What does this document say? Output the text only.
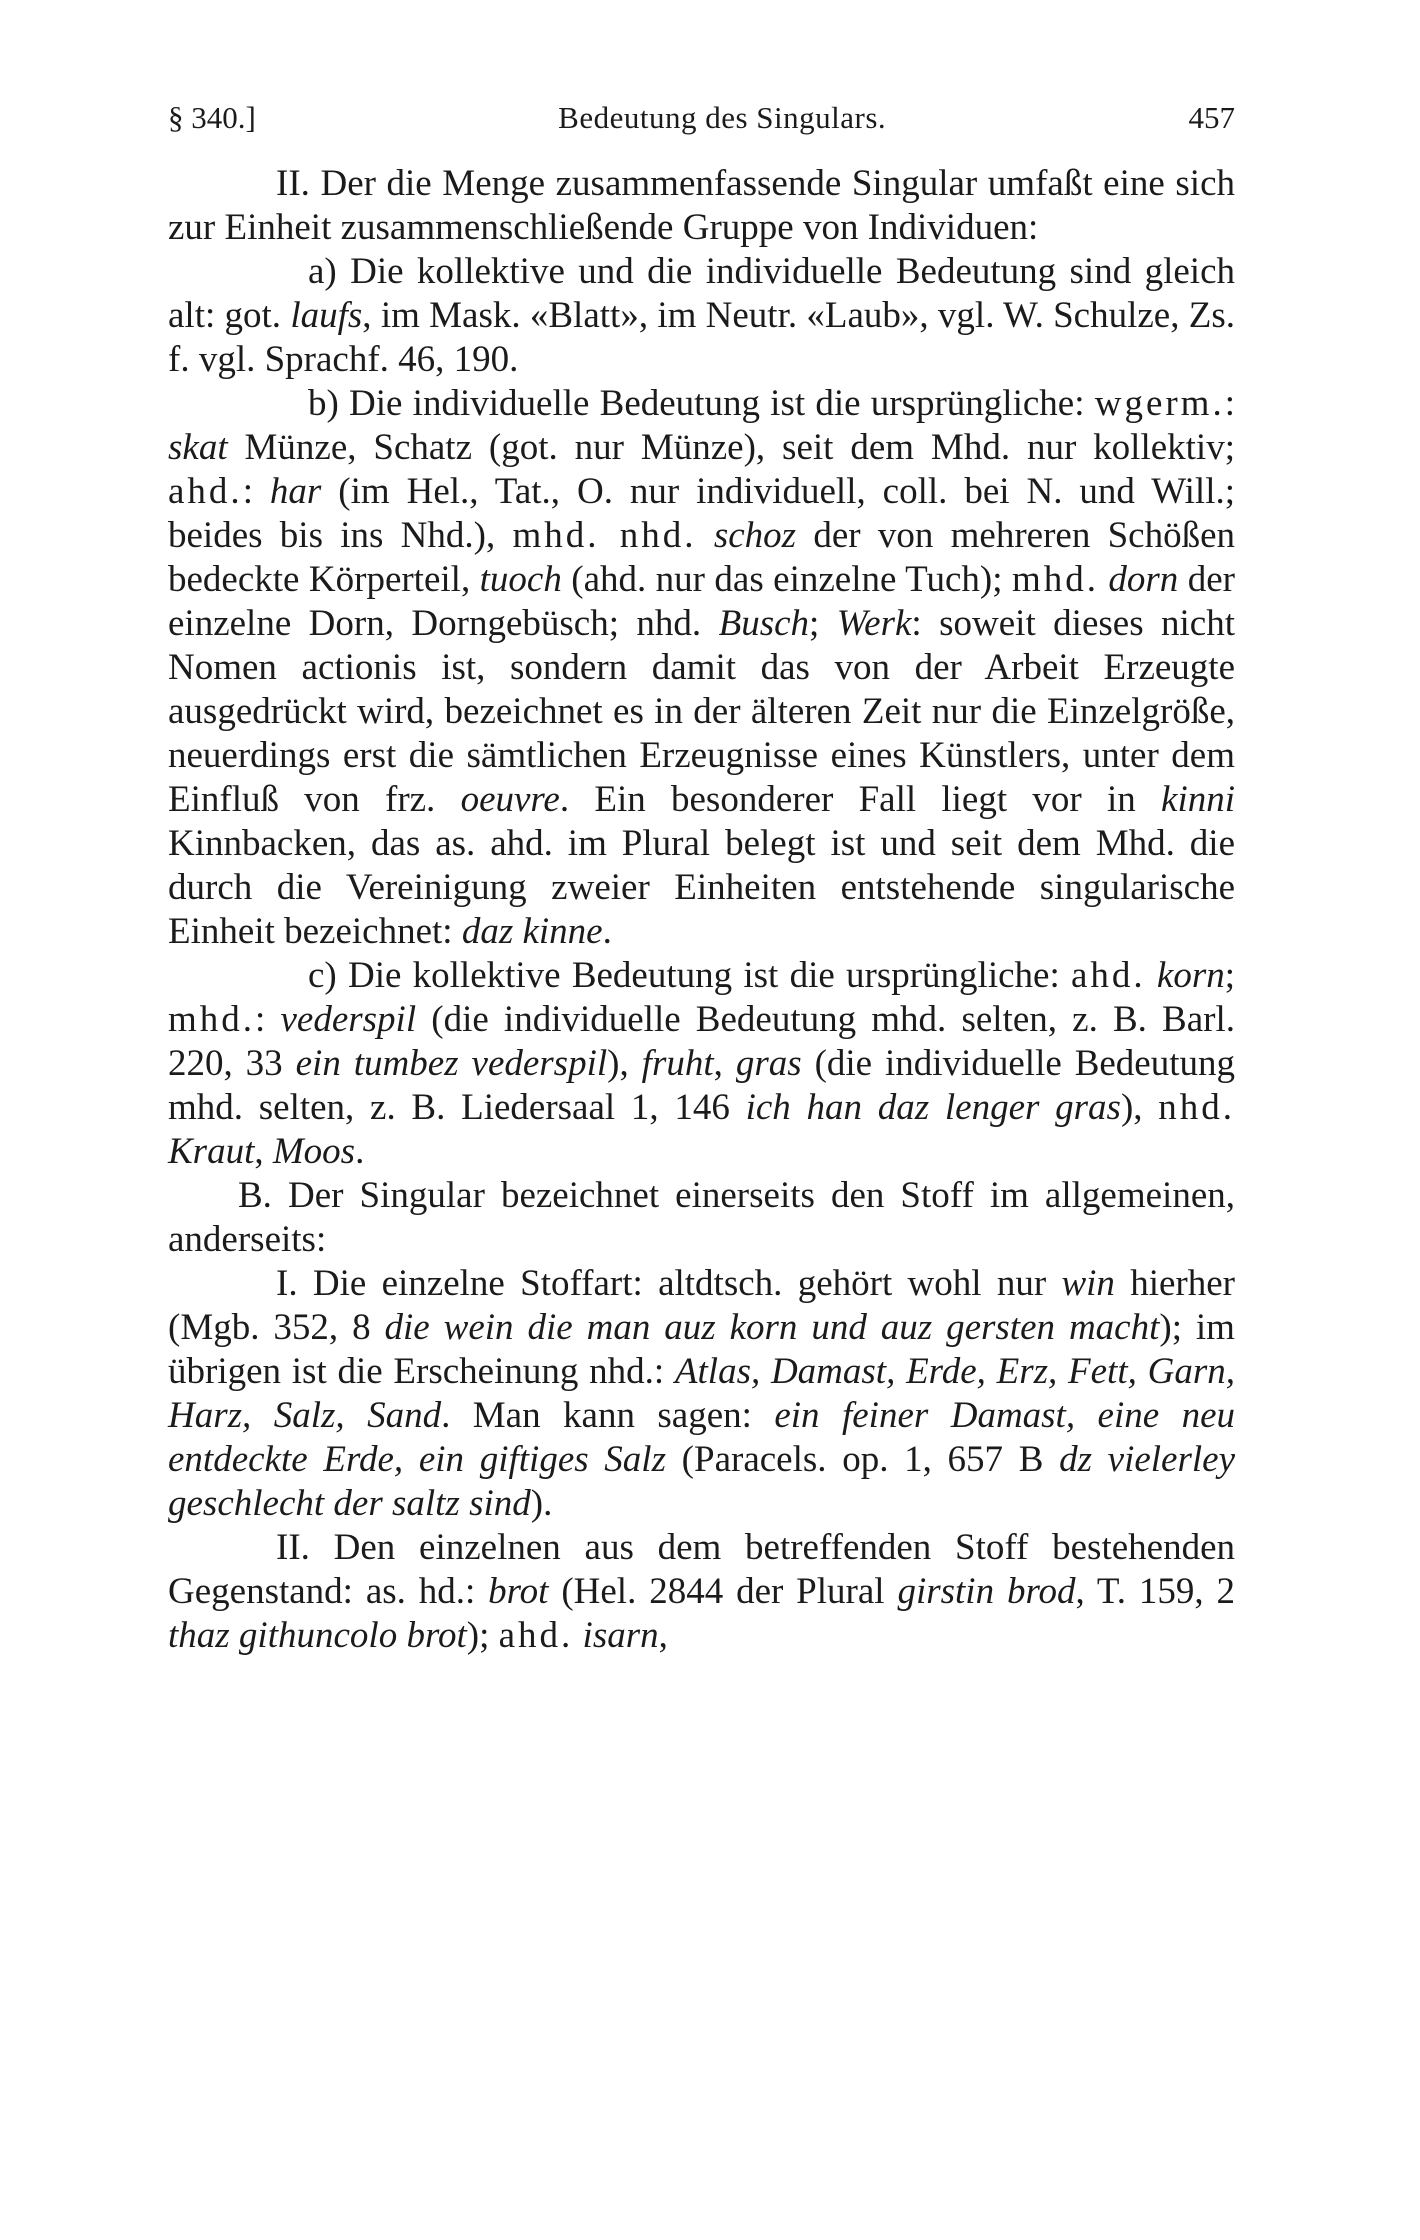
§ 340.]	Bedeutung des Singulars.	457

II. Der die Menge zusammenfassende Singular umfaßt eine sich zur Einheit zusammenschließende Gruppe von Individuen:

a) Die kollektive und die individuelle Bedeutung sind gleich alt: got. laufs, im Mask. «Blatt», im Neutr. «Laub», vgl. W. Schulze, Zs. f. vgl. Sprachf. 46, 190.

b) Die individuelle Bedeutung ist die ursprüngliche: wgerm.: skat Münze, Schatz (got. nur Münze), seit dem Mhd. nur kollektiv; ahd.: har (im Hel., Tat., O. nur individuell, coll. bei N. und Will.; beides bis ins Nhd.), mhd. nhd. schoz der von mehreren Schößen bedeckte Körperteil, tuoch (ahd. nur das einzelne Tuch); mhd. dorn der einzelne Dorn, Dorngebüsch; nhd. Busch; Werk: soweit dieses nicht Nomen actionis ist, sondern damit das von der Arbeit Erzeugte ausgedrückt wird, bezeichnet es in der älteren Zeit nur die Einzelgröße, neuerdings erst die sämtlichen Erzeugnisse eines Künstlers, unter dem Einfluß von frz. oeuvre. Ein besonderer Fall liegt vor in kinni Kinnbacken, das as. ahd. im Plural belegt ist und seit dem Mhd. die durch die Vereinigung zweier Einheiten entstehende singularische Einheit bezeichnet: daz kinne.

c) Die kollektive Bedeutung ist die ursprüngliche: ahd. korn; mhd.: vederspil (die individuelle Bedeutung mhd. selten, z. B. Barl. 220, 33 ein tumbez vederspil), fruht, gras (die individuelle Bedeutung mhd. selten, z. B. Liedersaal 1, 146 ich han daz lenger gras), nhd. Kraut, Moos.

B. Der Singular bezeichnet einerseits den Stoff im allgemeinen, anderseits:

I. Die einzelne Stoffart: altdtsch. gehört wohl nur win hierher (Mgb. 352, 8 die wein die man auz korn und auz gersten macht); im übrigen ist die Erscheinung nhd.: Atlas, Damast, Erde, Erz, Fett, Garn, Harz, Salz, Sand. Man kann sagen: ein feiner Damast, eine neu entdeckte Erde, ein giftiges Salz (Paracels. op. 1, 657 B dz vielerley geschlecht der saltz sind).

II. Den einzelnen aus dem betreffenden Stoff bestehenden Gegenstand: as. hd.: brot (Hel. 2844 der Plural girstin brod, T. 159, 2 thaz githuncolo brot); ahd. isarn,
